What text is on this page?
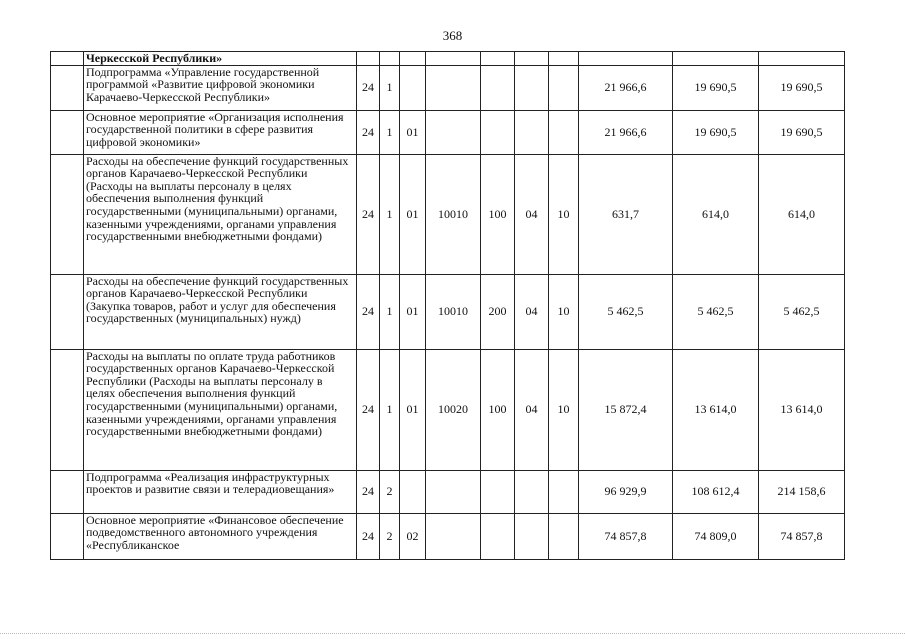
368
	Черкесской Республики»										
	Подпрограмма «Управление государственной программой «Развитие цифровой экономики Карачаево-Черкесской Республики»	24	1						21 966,6	19 690,5	19 690,5
	Основное мероприятие «Организация исполнения государственной политики в сфере развития цифровой экономики»	24	1	01					21 966,6	19 690,5	19 690,5
	Расходы на обеспечение функций государственных органов Карачаево-Черкесской Республики (Расходы на выплаты персоналу в целях обеспечения выполнения функций государственными (муниципальными) органами, казенными учреждениями, органами управления государственными внебюджетными фондами)	24	1	01	10010	100	04	10	631,7	614,0	614,0
	Расходы на обеспечение функций государственных органов Карачаево-Черкесской Республики (Закупка товаров, работ и услуг для обеспечения государственных (муниципальных) нужд)	24	1	01	10010	200	04	10	5 462,5	5 462,5	5 462,5
	Расходы на выплаты по оплате труда работников государственных органов Карачаево-Черкесской Республики (Расходы на выплаты персоналу в целях обеспечения выполнения функций государственными (муниципальными) органами, казенными учреждениями, органами управления государственными внебюджетными фондами)	24	1	01	10020	100	04	10	15 872,4	13 614,0	13 614,0
	Подпрограмма «Реализация инфраструктурных проектов и развитие связи и телерадиовещания»	24	2						96 929,9	108 612,4	214 158,6
	Основное мероприятие «Финансовое обеспечение подведомственного автономного учреждения «Республиканское	24	2	02					74 857,8	74 809,0	74 857,8
